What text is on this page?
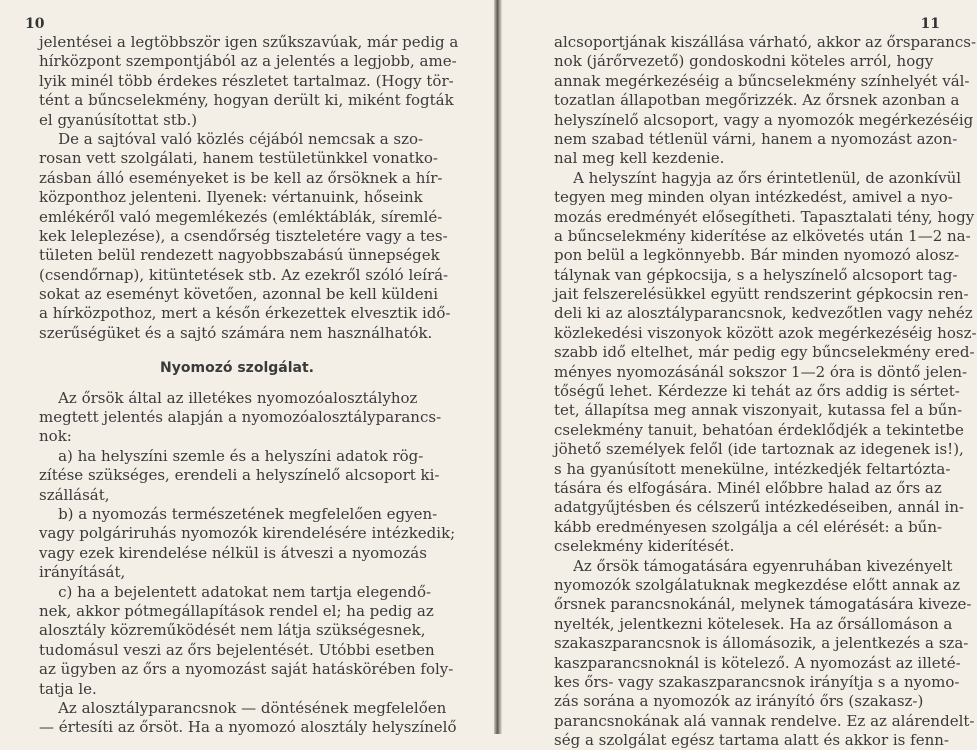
10
jelentései a legtöbbször igen szűkszavúak, már pedig a
hírközpont szempontjából az a jelentés a legjobb, ame-
lyik minél több érdekes részletet tartalmaz. (Hogy tör-
tént a bűncselekmény, hogyan derült ki, miként fogták
el gyanúsítottat stb.)
De a sajtóval való közlés céjából nemcsak a szo-
rosan vett szolgálati, hanem testületünkkel vonatko-
zásban álló eseményeket is be kell az őrsöknek a hír-
központhoz jelenteni. Ilyenek: vértanuink, hőseink
emlékéről való megemlékezés (emléktáblák, síremlé-
kek leleplezése), a csendőrség tiszteletére vagy a tes-
tületen belül rendezett nagyobbszabású ünnepségek
(csendőrnap), kitüntetések stb. Az ezekről szóló leírá-
sokat az eseményt követően, azonnal be kell küldeni
a hírközpothoz, mert a későn érkezettek elvesztik idő-
szerűségüket és a sajtó számára nem használhatók.
Nyomozó szolgálat.
Az őrsök által az illetékes nyomozóalosztályhoz
megtett jelentés alapján a nyomozóalosztályparancs-
nok:
a) ha helyszíni szemle és a helyszíni adatok rög-
zítése szükséges, erendeli a helyszínelő alcsoport ki-
szállását,
b) a nyomozás természetének megfelelően egyen-
vagy polgáriruhás nyomozók kirendelésére intézkedik;
vagy ezek kirendelése nélkül is átveszi a nyomozás
irányítását,
c) ha a bejelentett adatokat nem tartja elegendő-
nek, akkor pótmegállapítások rendel el; ha pedig az
alosztály közreműködését nem látja szükségesnek,
tudomásul veszi az őrs bejelentését. Utóbbi esetben
az ügyben az őrs a nyomozást saját hatáskörében foly-
tatja le.
Az alosztályparancsnok — döntésének megfelelően
— értesíti az őrsöt. Ha a nyomozó alosztály helyszínelő
11
alcsoportjának kiszállása várható, akkor az őrsparancs-
nok (járőrvezető) gondoskodni köteles arról, hogy
annak megérkezéséig a bűncselekmény színhelyét vál-
tozatlan állapotban megőrizzék. Az őrsnek azonban a
helyszínelő alcsoport, vagy a nyomozók megérkezéséig
nem szabad tétlenül várni, hanem a nyomozást azon-
nal meg kell kezdenie.
A helyszínt hagyja az őrs érintetlenül, de azonkívül
tegyen meg minden olyan intézkedést, amivel a nyo-
mozás eredményét elősegítheti. Tapasztalati tény, hogy
a bűncselekmény kiderítése az elkövetés után 1—2 na-
pon belül a legkönnyebb. Bár minden nyomozó alosz-
tálynak van gépkocsija, s a helyszínelő alcsoport tag-
jait felszerelésükkel együtt rendszerint gépkocsin ren-
deli ki az alosztályparancsnok, kedvezőtlen vagy nehéz
közlekedési viszonyok között azok megérkezéséig hosz-
szabb idő eltelhet, már pedig egy bűncselekmény ered-
ményes nyomozásánál sokszor 1—2 óra is döntő jelen-
tőségű lehet. Kérdezze ki tehát az őrs addig is sértet-
tet, állapítsa meg annak viszonyait, kutassa fel a bűn-
cselekmény tanuit, behatóan érdeklődjék a tekintetbe
jöhető személyek felől (ide tartoznak az idegenek is!),
s ha gyanúsított menekülne, intézkedjék feltartózta-
tására és elfogására. Minél előbbre halad az őrs az
adatgyűjtésben és célszerű intézkedéseiben, annál in-
kább eredményesen szolgálja a cél elérését: a bűn-
cselekmény kiderítését.
Az őrsök támogatására egyenruhában kivezényelt
nyomozók szolgálatuknak megkezdése előtt annak az
őrsnek parancsnokánál, melynek támogatására kiveze-
nyelték, jelentkezni kötelesek. Ha az őrsállomáson a
szakaszparancsnok is állomásozik, a jelentkezés a sza-
kaszparancsnoknál is kötelező. A nyomozást az illeté-
kes őrs- vagy szakaszparancsnok irányítja s a nyomo-
zás sorána a nyomozók az irányító őrs (szakasz-)
parancsnokának alá vannak rendelve. Ez az alárendelt-
ség a szolgálat egész tartama alatt és akkor is fenn-
